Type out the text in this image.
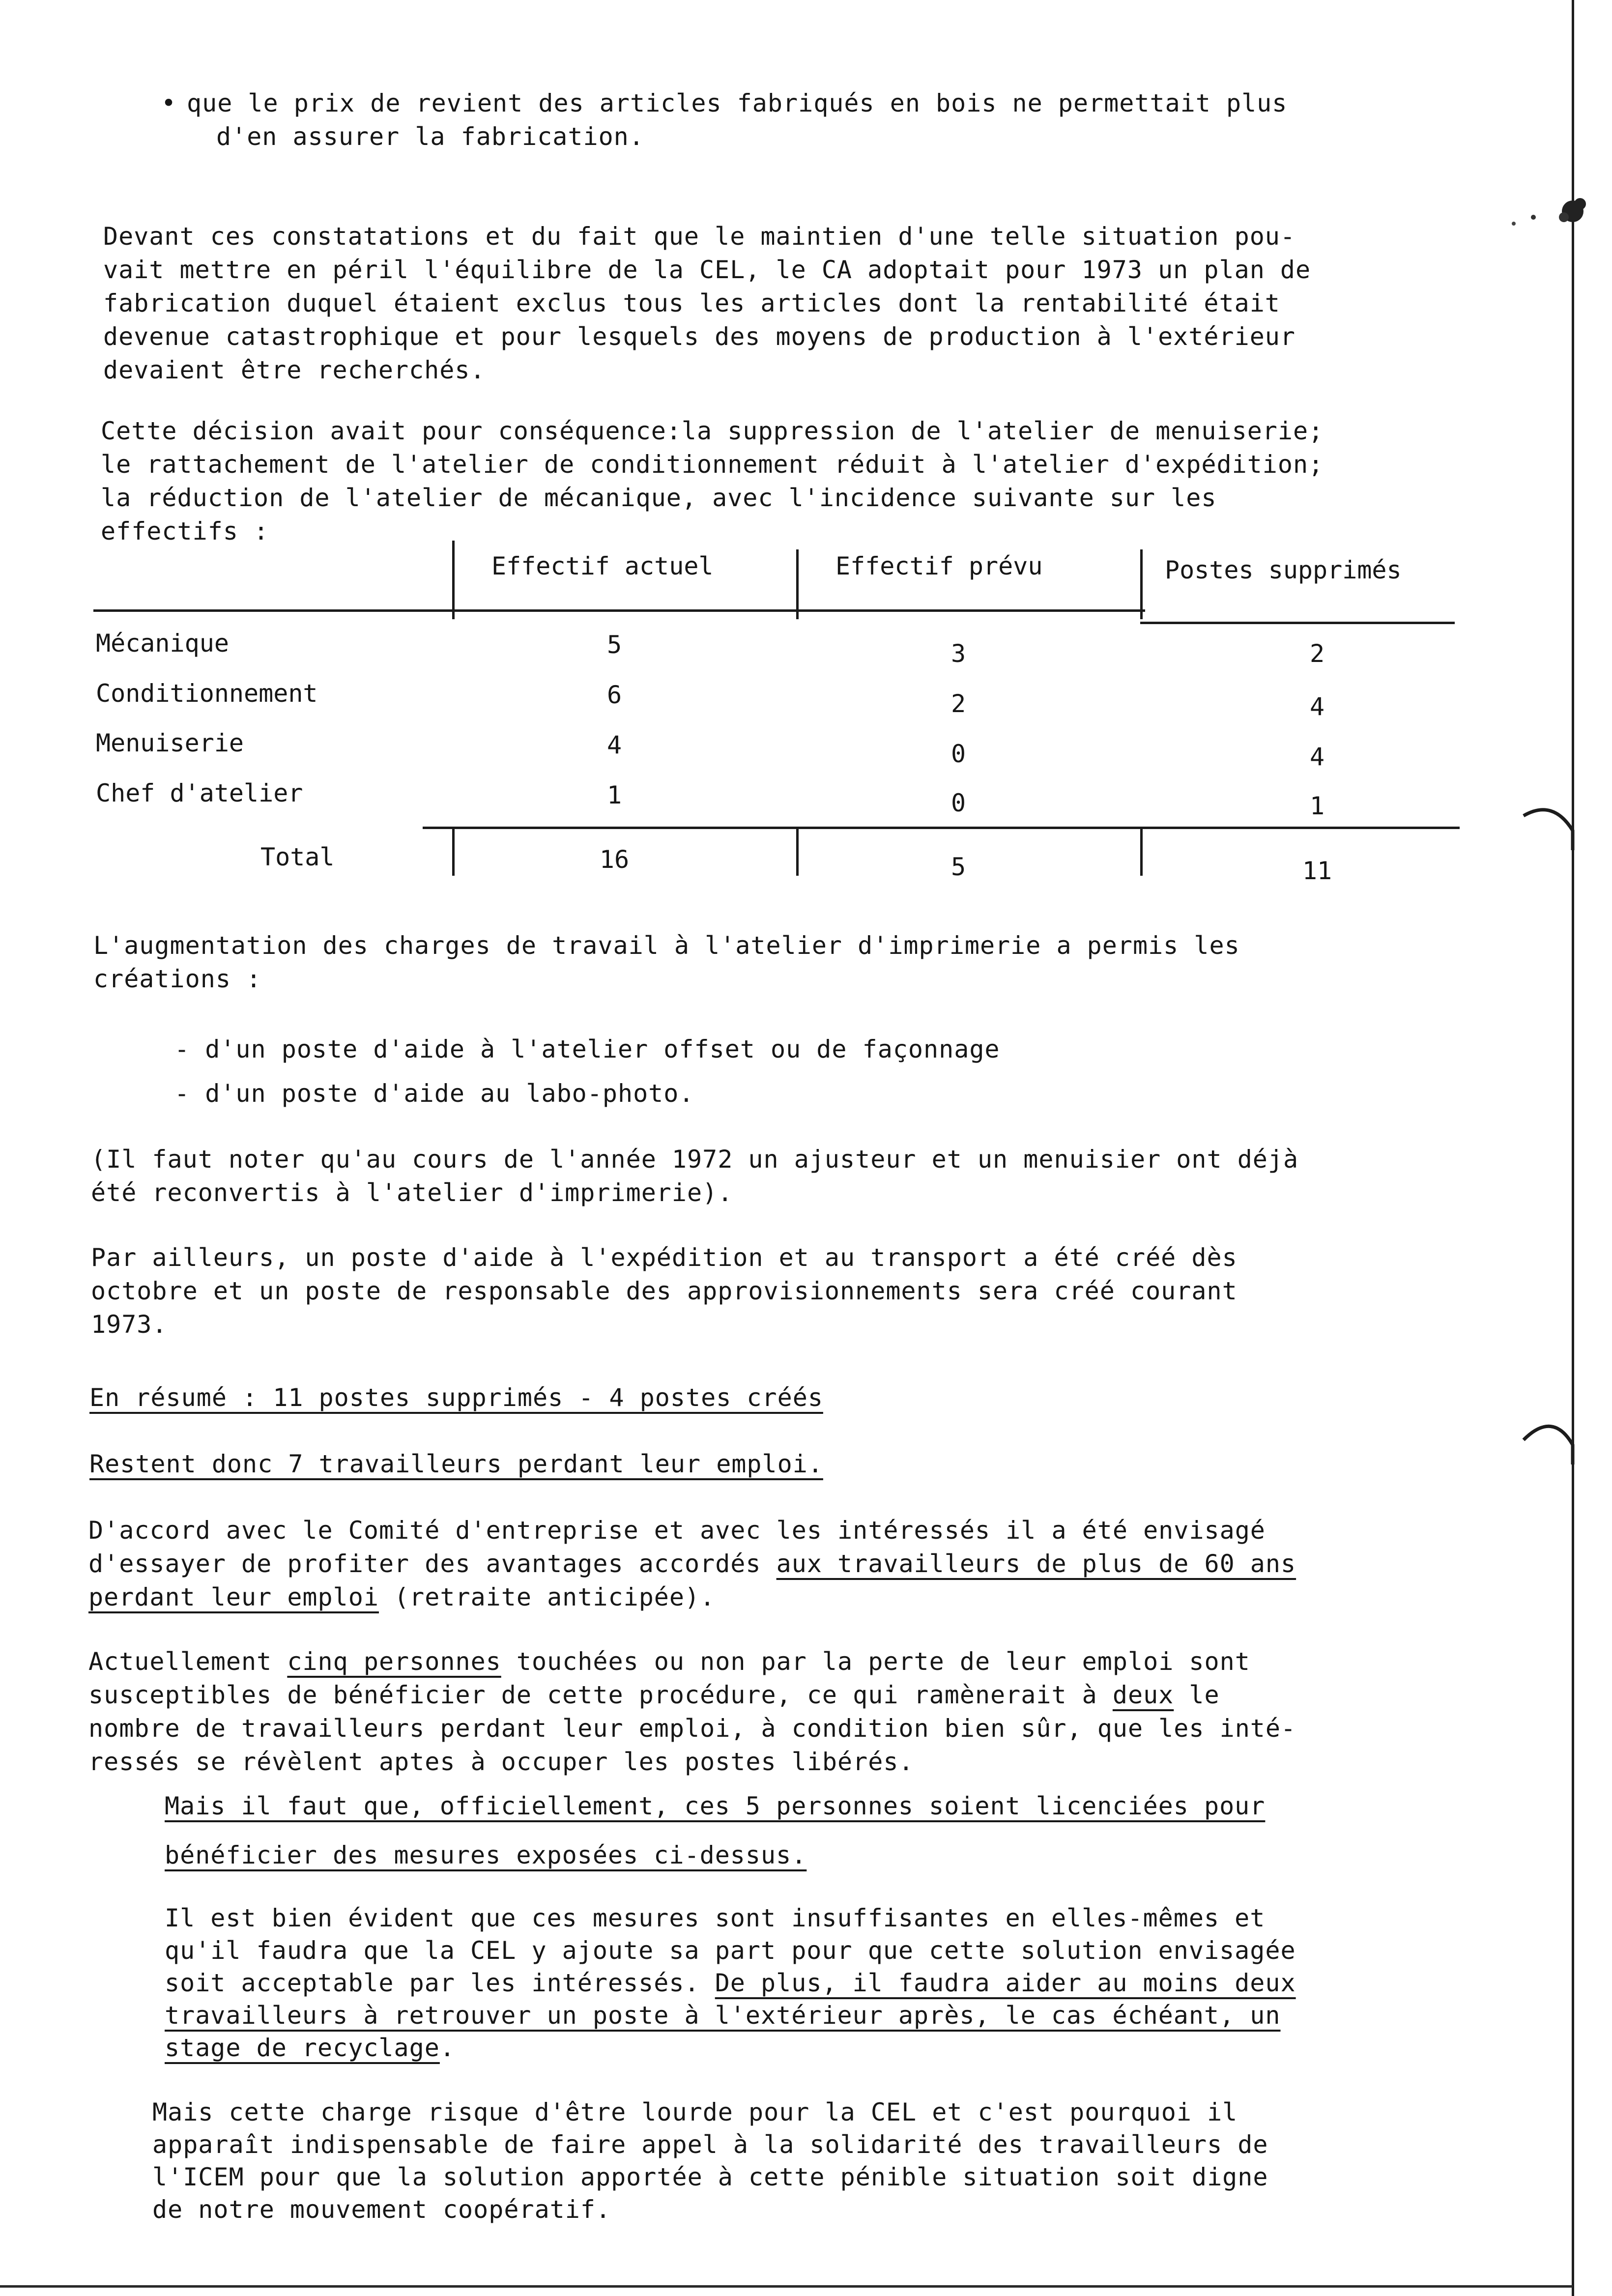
• que le prix de revient des articles fabriqués en bois ne permettait plus
d'en assurer la fabrication.
Devant ces constatations et du fait que le maintien d'une telle situation pou-
vait mettre en péril l'équilibre de la CEL, le CA adoptait pour 1973 un plan de
fabrication duquel étaient exclus tous les articles dont la rentabilité était
devenue catastrophique et pour lesquels des moyens de production à l'extérieur
devaient être recherchés.
Cette décision avait pour conséquence:la suppression de l'atelier de menuiserie;
le rattachement de l'atelier de conditionnement réduit à l'atelier d'expédition;
la réduction de l'atelier de mécanique, avec l'incidence suivante sur les
effectifs :
Effectif actuel	Effectif prévu	Postes supprimés
Mécanique	5	3	2
Conditionnement	6	2	4
Menuiserie	4	0	4
Chef d'atelier	1	0	1
Total	16	5	11
L'augmentation des charges de travail à l'atelier d'imprimerie a permis les
créations :
- d'un poste d'aide à l'atelier offset ou de façonnage
- d'un poste d'aide au labo-photo.
(Il faut noter qu'au cours de l'année 1972 un ajusteur et un menuisier ont déjà
été reconvertis à l'atelier d'imprimerie).
Par ailleurs, un poste d'aide à l'expédition et au transport a été créé dès
octobre et un poste de responsable des approvisionnements sera créé courant
1973.
En résumé : 11 postes supprimés - 4 postes créés
Restent donc 7 travailleurs perdant leur emploi.
D'accord avec le Comité d'entreprise et avec les intéressés il a été envisagé
d'essayer de profiter des avantages accordés aux travailleurs de plus de 60 ans
perdant leur emploi (retraite anticipée).
Actuellement cinq personnes touchées ou non par la perte de leur emploi sont
susceptibles de bénéficier de cette procédure, ce qui ramènerait à deux le
nombre de travailleurs perdant leur emploi, à condition bien sûr, que les inté-
ressés se révèlent aptes à occuper les postes libérés.
Mais il faut que, officiellement, ces 5 personnes soient licenciées pour
bénéficier des mesures exposées ci-dessus.
Il est bien évident que ces mesures sont insuffisantes en elles-mêmes et
qu'il faudra que la CEL y ajoute sa part pour que cette solution envisagée
soit acceptable par les intéressés. De plus, il faudra aider au moins deux
travailleurs à retrouver un poste à l'extérieur après, le cas échéant, un
stage de recyclage.
Mais cette charge risque d'être lourde pour la CEL et c'est pourquoi il
apparaît indispensable de faire appel à la solidarité des travailleurs de
l'ICEM pour que la solution apportée à cette pénible situation soit digne
de notre mouvement coopératif.
